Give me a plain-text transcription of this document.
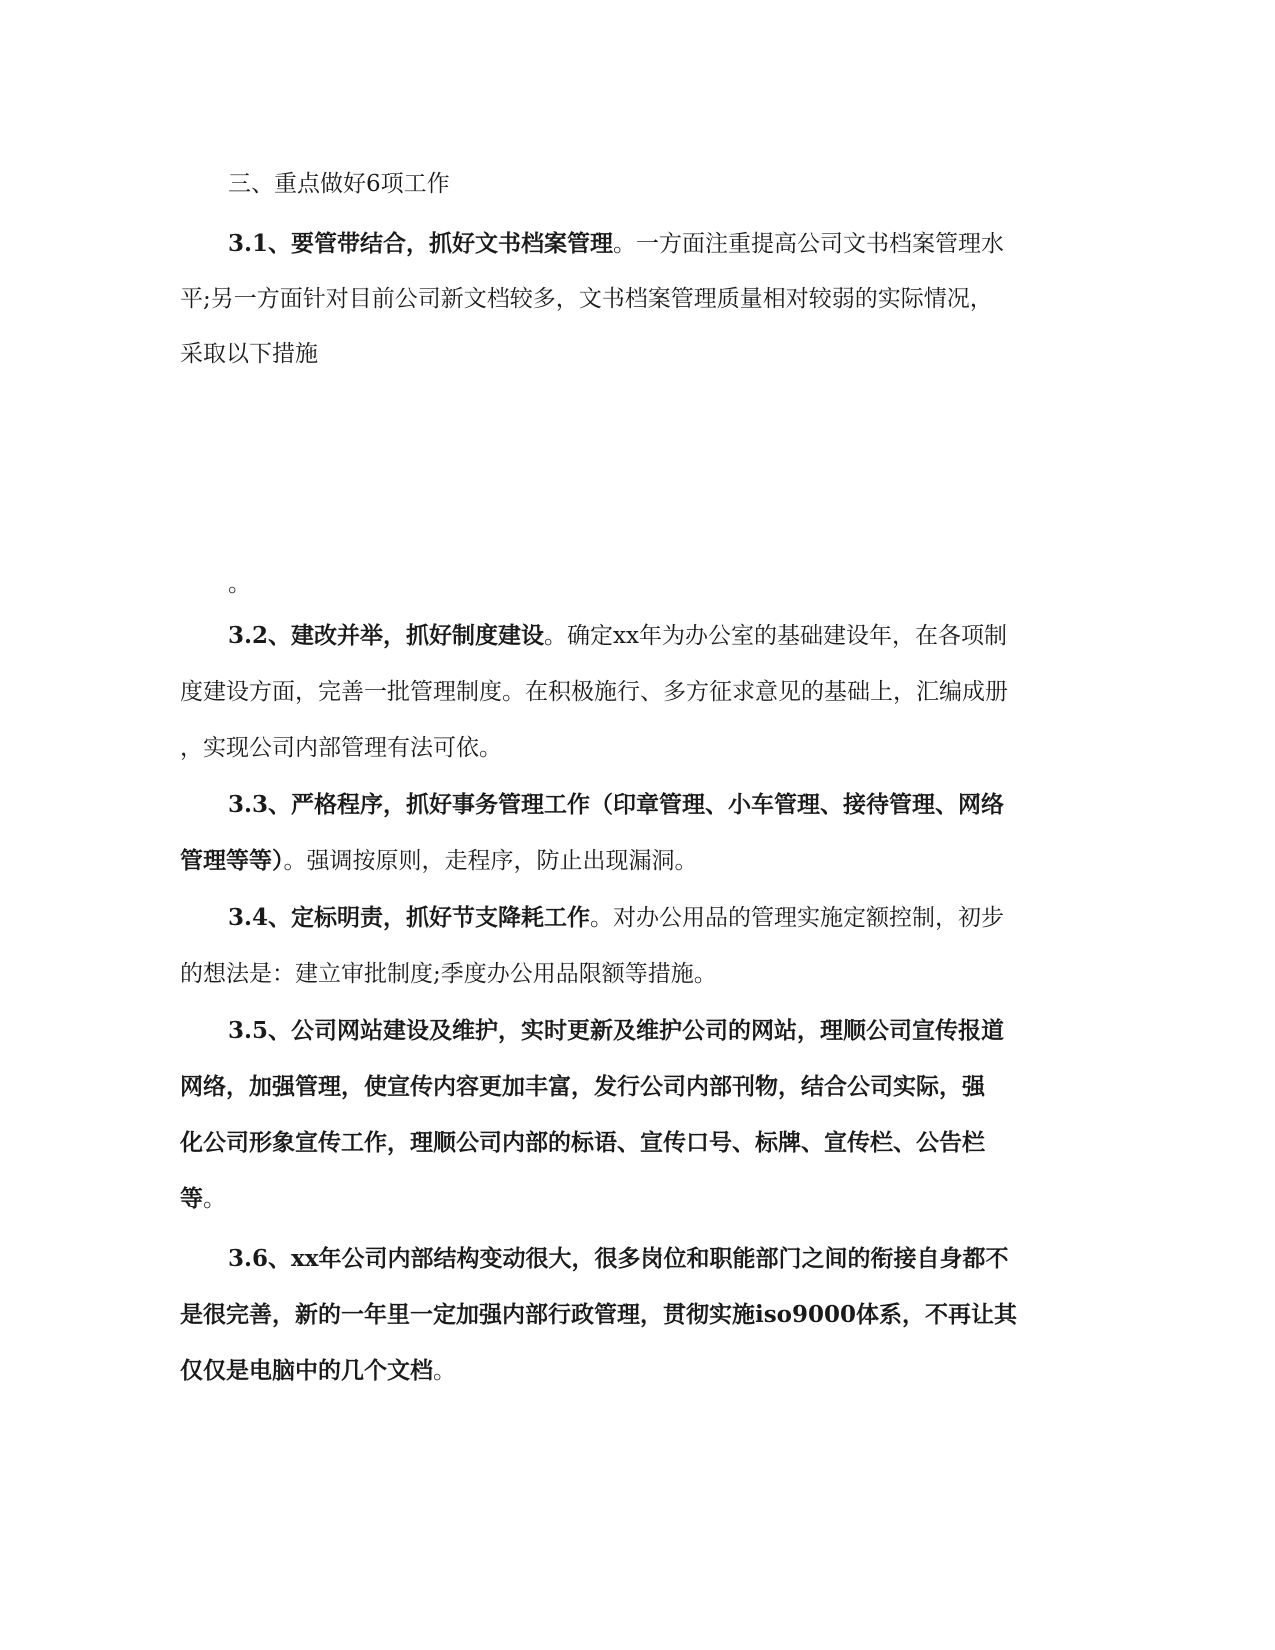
三、重点做好6项工作
3.1、要管带结合，抓好文书档案管理。一方面注重提高公司文书档案管理水
平;另一方面针对目前公司新文档较多，文书档案管理质量相对较弱的实际情况，
采取以下措施
。
3.2、建改并举，抓好制度建设。确定xx年为办公室的基础建设年，在各项制
度建设方面，完善一批管理制度。在积极施行、多方征求意见的基础上，汇编成册
，实现公司内部管理有法可依。
3.3、严格程序，抓好事务管理工作（印章管理、小车管理、接待管理、网络
管理等等）。强调按原则，走程序，防止出现漏洞。
3.4、定标明责，抓好节支降耗工作。对办公用品的管理实施定额控制，初步
的想法是：建立审批制度;季度办公用品限额等措施。
3.5、公司网站建设及维护，实时更新及维护公司的网站，理顺公司宣传报道
网络，加强管理，使宣传内容更加丰富，发行公司内部刊物，结合公司实际，强
化公司形象宣传工作，理顺公司内部的标语、宣传口号、标牌、宣传栏、公告栏
等。
3.6、xx年公司内部结构变动很大，很多岗位和职能部门之间的衔接自身都不
是很完善，新的一年里一定加强内部行政管理，贯彻实施iso9000体系，不再让其
仅仅是电脑中的几个文档。
